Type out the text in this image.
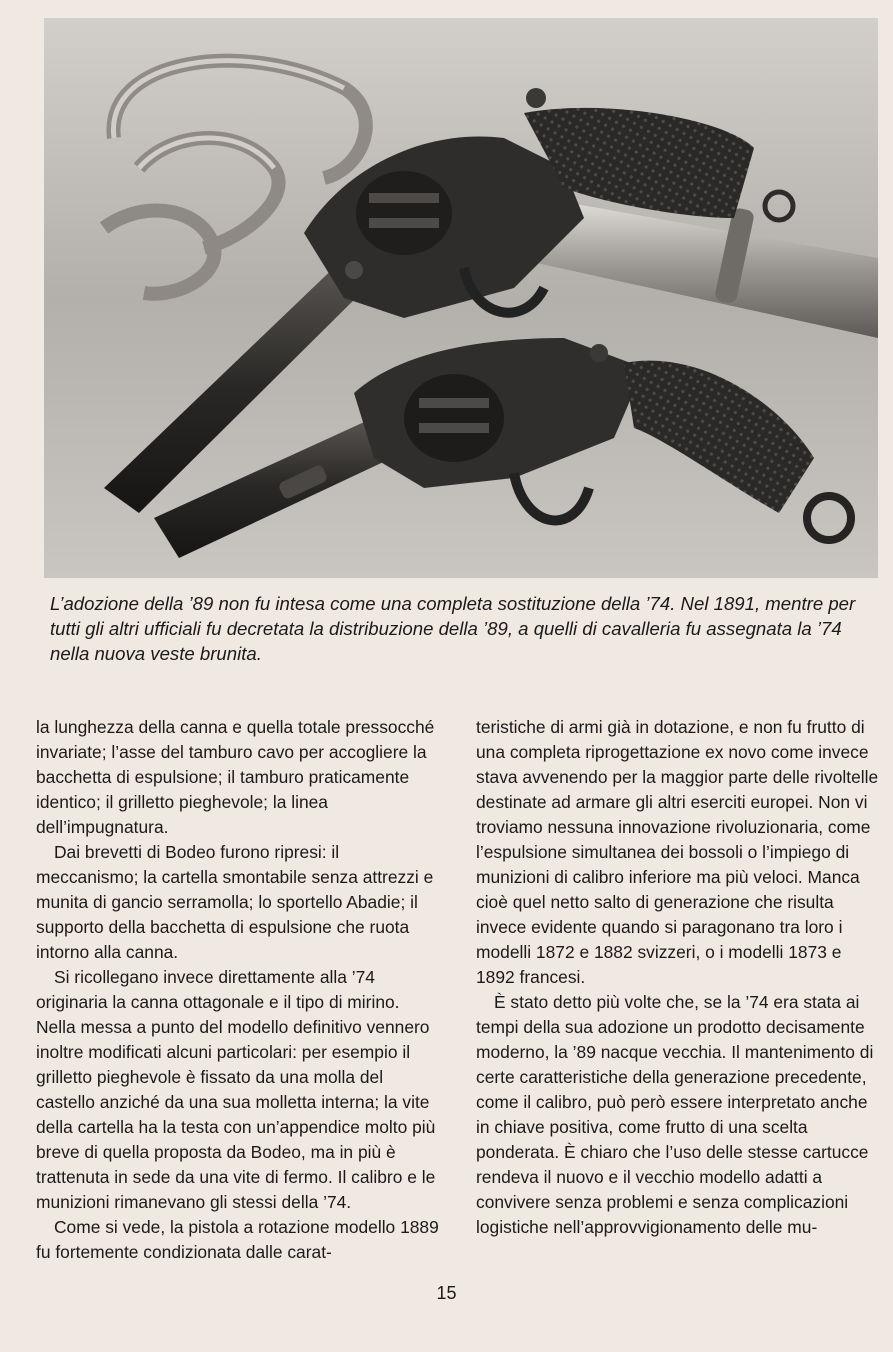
L’adozione della ’89 non fu intesa come una completa sostituzione della ’74. Nel 1891, mentre per tutti gli altri ufficiali fu decretata la distribuzione della ’89, a quelli di cavalleria fu assegnata la ’74 nella nuova veste brunita.

la lunghezza della canna e quella totale pressocché invariate; l’asse del tamburo cavo per accogliere la bacchetta di espulsione; il tamburo praticamente identico; il grilletto pieghevole; la linea dell’impugnatura.

Dai brevetti di Bodeo furono ripresi: il meccanismo; la cartella smontabile senza attrezzi e munita di gancio serramolla; lo sportello Abadie; il supporto della bacchetta di espulsione che ruota intorno alla canna.

Si ricollegano invece direttamente alla ’74 originaria la canna ottagonale e il tipo di mirino. Nella messa a punto del modello definitivo vennero inoltre modificati alcuni particolari: per esempio il grilletto pieghevole è fissato da una molla del castello anziché da una sua molletta interna; la vite della cartella ha la testa con un’appendice molto più breve di quella proposta da Bodeo, ma in più è trattenuta in sede da una vite di fermo. Il calibro e le munizioni rimanevano gli stessi della ’74.

Come si vede, la pistola a rotazione modello 1889 fu fortemente condizionata dalle carat-

teristiche di armi già in dotazione, e non fu frutto di una completa riprogettazione ex novo come invece stava avvenendo per la maggior parte delle rivoltelle destinate ad armare gli altri eserciti europei. Non vi troviamo nessuna innovazione rivoluzionaria, come l’espulsione simultanea dei bossoli o l’impiego di munizioni di calibro inferiore ma più veloci. Manca cioè quel netto salto di generazione che risulta invece evidente quando si paragonano tra loro i modelli 1872 e 1882 svizzeri, o i modelli 1873 e 1892 francesi.

È stato detto più volte che, se la ’74 era stata ai tempi della sua adozione un prodotto decisamente moderno, la ’89 nacque vecchia. Il mantenimento di certe caratteristiche della generazione precedente, come il calibro, può però essere interpretato anche in chiave positiva, come frutto di una scelta ponderata. È chiaro che l’uso delle stesse cartucce rendeva il nuovo e il vecchio modello adatti a convivere senza problemi e senza complicazioni logistiche nell’approvvigionamento delle mu-

15
